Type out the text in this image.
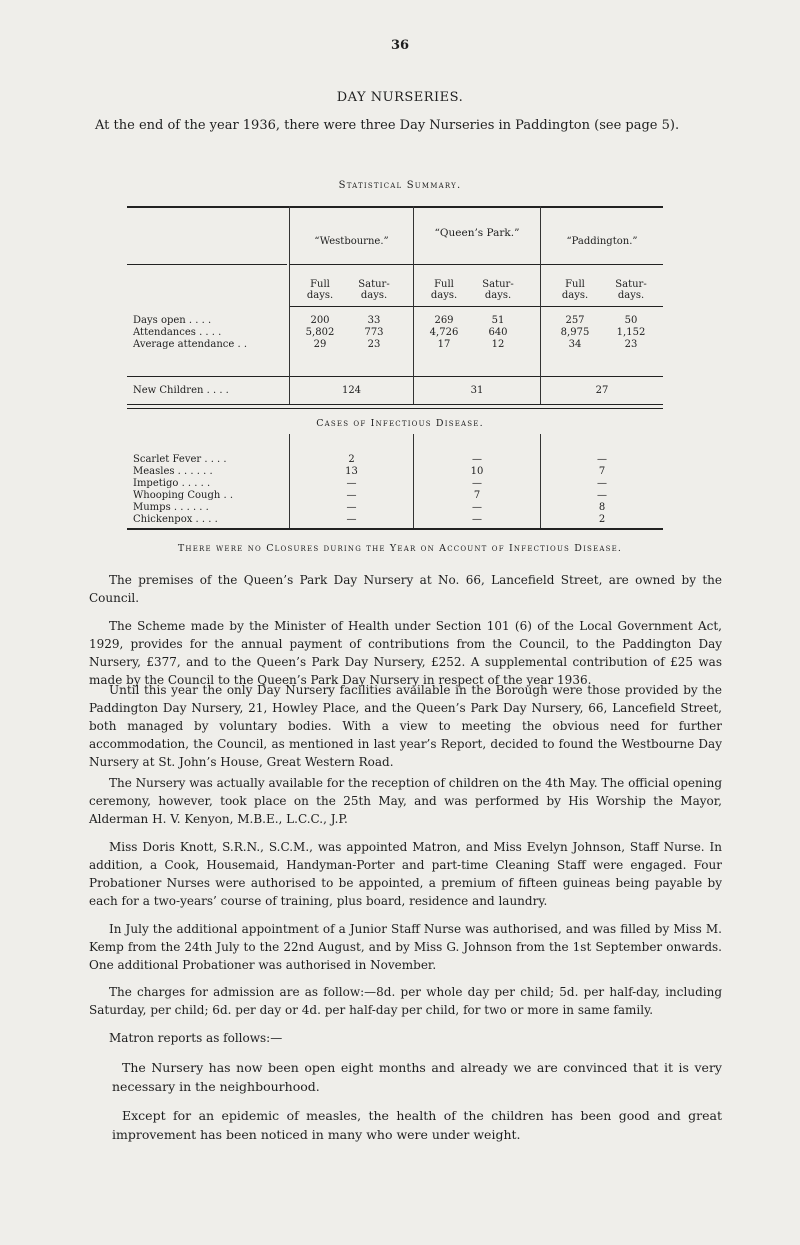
36
DAY NURSERIES.
At the end of the year 1936, there were three Day Nurseries in Paddington (see page 5).
Statistical Summary.
“Westbourne.”
“Queen’s Park.”
“Paddington.”
Full days.
Satur- days.
Full days.
Satur- days.
Full days.
Satur- days.
Days open . . . .	200	33	269	51	257	50
Attendances . . . .	5,802	773	4,726	640	8,975	1,152
Average attendance . .	29	23	17	12	34	23
New Children . . . .	124	31	27
Cases of Infectious Disease.
Scarlet Fever . . . .	2	—	—
Measles . . . . . .	13	10	7
Impetigo . . . . .	—	—	—
Whooping Cough . .	—	7	—
Mumps . . . . . .	—	—	8
Chickenpox . . . .	—	—	2
There were no Closures during the Year on Account of Infectious Disease.
The premises of the Queen’s Park Day Nursery at No. 66, Lancefield Street, are owned by the Council.
The Scheme made by the Minister of Health under Section 101 (6) of the Local Government Act, 1929, provides for the annual payment of contributions from the Council, to the Paddington Day Nursery, £377, and to the Queen’s Park Day Nursery, £252. A supplemental contribution of £25 was made by the Council to the Queen’s Park Day Nursery in respect of the year 1936.
Until this year the only Day Nursery facilities available in the Borough were those provided by the Paddington Day Nursery, 21, Howley Place, and the Queen’s Park Day Nursery, 66, Lancefield Street, both managed by voluntary bodies. With a view to meeting the obvious need for further accommodation, the Council, as mentioned in last year’s Report, decided to found the Westbourne Day Nursery at St. John’s House, Great Western Road.
The Nursery was actually available for the reception of children on the 4th May. The official opening ceremony, however, took place on the 25th May, and was performed by His Worship the Mayor, Alderman H. V. Kenyon, M.B.E., L.C.C., J.P.
Miss Doris Knott, S.R.N., S.C.M., was appointed Matron, and Miss Evelyn Johnson, Staff Nurse. In addition, a Cook, Housemaid, Handyman-Porter and part-time Cleaning Staff were engaged. Four Probationer Nurses were authorised to be appointed, a premium of fifteen guineas being payable by each for a two-years’ course of training, plus board, residence and laundry.
In July the additional appointment of a Junior Staff Nurse was authorised, and was filled by Miss M. Kemp from the 24th July to the 22nd August, and by Miss G. Johnson from the 1st September onwards. One additional Probationer was authorised in November.
The charges for admission are as follow:—8d. per whole day per child; 5d. per half-day, including Saturday, per child; 6d. per day or 4d. per half-day per child, for two or more in same family.
Matron reports as follows:—
The Nursery has now been open eight months and already we are convinced that it is very necessary in the neighbourhood.
Except for an epidemic of measles, the health of the children has been good and great improvement has been noticed in many who were under weight.
